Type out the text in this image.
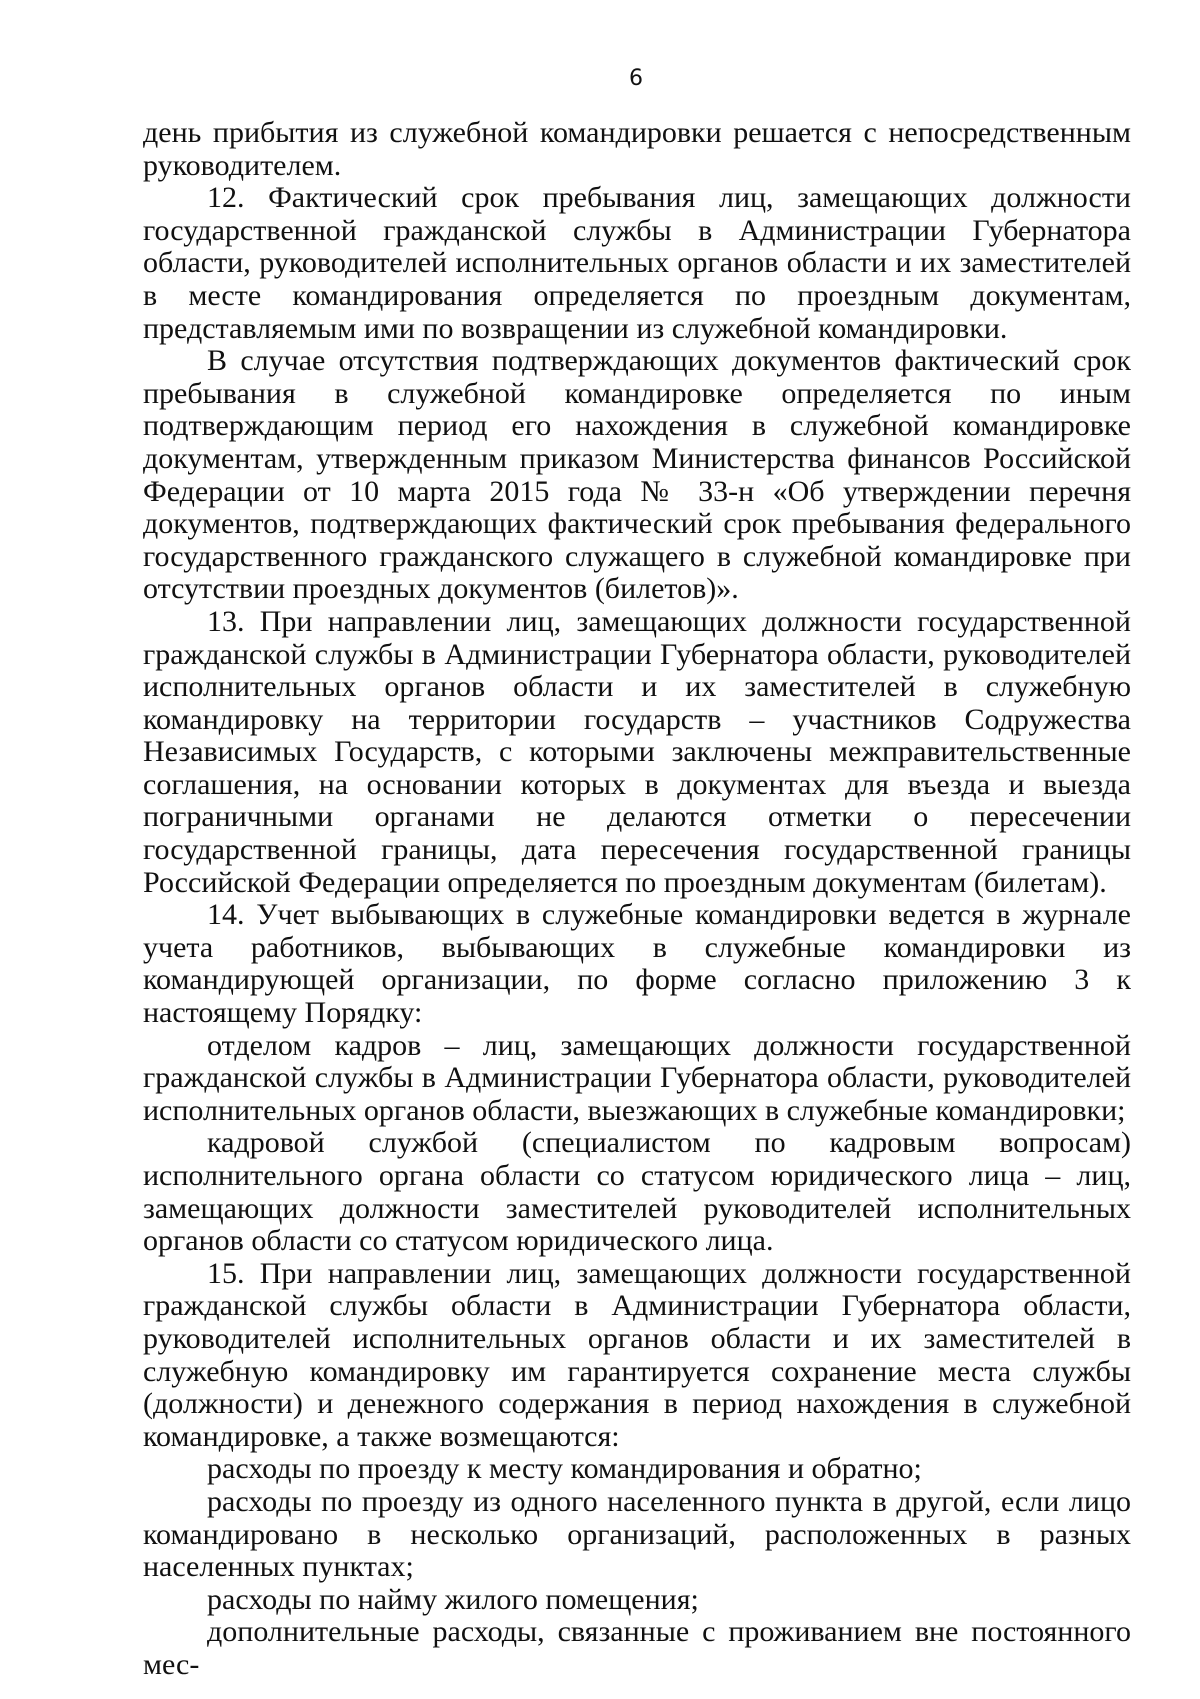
6

день прибытия из служебной командировки решается с непосредственным руководителем.

12. Фактический срок пребывания лиц, замещающих должности государственной гражданской службы в Администрации Губернатора области, руководителей исполнительных органов области и их заместителей в месте командирования определяется по проездным документам, представляемым ими по возвращении из служебной командировки.

В случае отсутствия подтверждающих документов фактический срок пребывания в служебной командировке определяется по иным подтверждающим период его нахождения в служебной командировке документам, утвержденным приказом Министерства финансов Российской Федерации от 10 марта 2015 года № 33-н «Об утверждении перечня документов, подтверждающих фактический срок пребывания федерального государственного гражданского служащего в служебной командировке при отсутствии проездных документов (билетов)».

13. При направлении лиц, замещающих должности государственной гражданской службы в Администрации Губернатора области, руководителей исполнительных органов области и их заместителей в служебную командировку на территории государств – участников Содружества Независимых Государств, с которыми заключены межправительственные соглашения, на основании которых в документах для въезда и выезда пограничными органами не делаются отметки о пересечении государственной границы, дата пересечения государственной границы Российской Федерации определяется по проездным документам (билетам).

14. Учет выбывающих в служебные командировки ведется в журнале учета работников, выбывающих в служебные командировки из командирующей организации, по форме согласно приложению 3 к настоящему Порядку:

отделом кадров – лиц, замещающих должности государственной гражданской службы в Администрации Губернатора области, руководителей исполнительных органов области, выезжающих в служебные командировки;

кадровой службой (специалистом по кадровым вопросам) исполнительного органа области со статусом юридического лица – лиц, замещающих должности заместителей руководителей исполнительных органов области со статусом юридического лица.

15. При направлении лиц, замещающих должности государственной гражданской службы области в Администрации Губернатора области, руководителей исполнительных органов области и их заместителей в служебную командировку им гарантируется сохранение места службы (должности) и денежного содержания в период нахождения в служебной командировке, а также возмещаются:

расходы по проезду к месту командирования и обратно;

расходы по проезду из одного населенного пункта в другой, если лицо командировано в несколько организаций, расположенных в разных населенных пунктах;

расходы по найму жилого помещения;

дополнительные расходы, связанные с проживанием вне постоянного мес-
